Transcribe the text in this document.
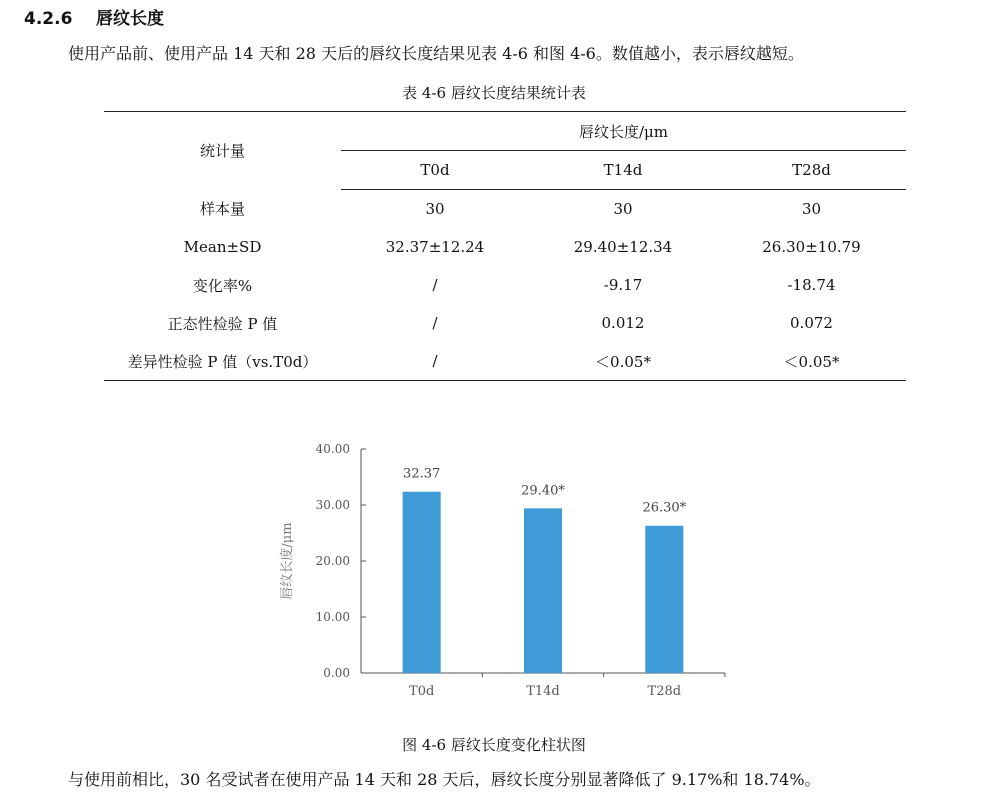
4.2.6 唇纹长度
使用产品前、使用产品 14 天和 28 天后的唇纹长度结果见表 4-6 和图 4-6。数值越小，表示唇纹越短。
表 4-6 唇纹长度结果统计表
统计量	唇纹长度/μm		
	T0d	T14d	T28d
样本量	30	30	30
Mean±SD	32.37±12.24	29.40±12.34	26.30±10.79
变化率%	/	-9.17	-18.74
正态性检验 P 值	/	0.012	0.072
差异性检验 P 值（vs.T0d）	/	＜0.05*	＜0.05*
0.00
10.00
20.00
30.00
40.00
唇纹长度/μm
T0d
32.37
T14d
29.40*
T28d
26.30*
图 4-6 唇纹长度变化柱状图
与使用前相比，30 名受试者在使用产品 14 天和 28 天后，唇纹长度分别显著降低了 9.17%和 18.74%。
